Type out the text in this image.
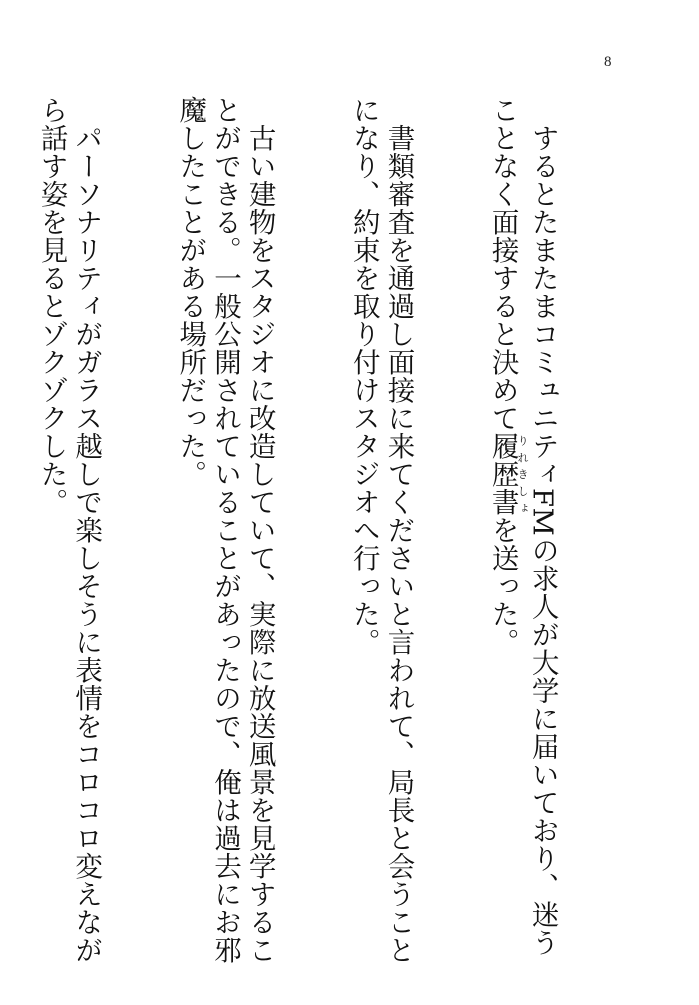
8

　するとたまたまコミュニティFMの求人が大学に届いており、迷うことなく面接すると決めて履歴書りれきしょを送った。

　書類審査を通過し面接に来てくださいと言われて、局長と会うことになり、約束を取り付けスタジオへ行った。

　古い建物をスタジオに改造していて、実際に放送風景を見学することができる。一般公開されていることがあったので、俺は過去にお邪魔したことがある場所だった。

　パーソナリティがガラス越しで楽しそうに表情をコロコロ変えながら話す姿を見るとゾクゾクした。
